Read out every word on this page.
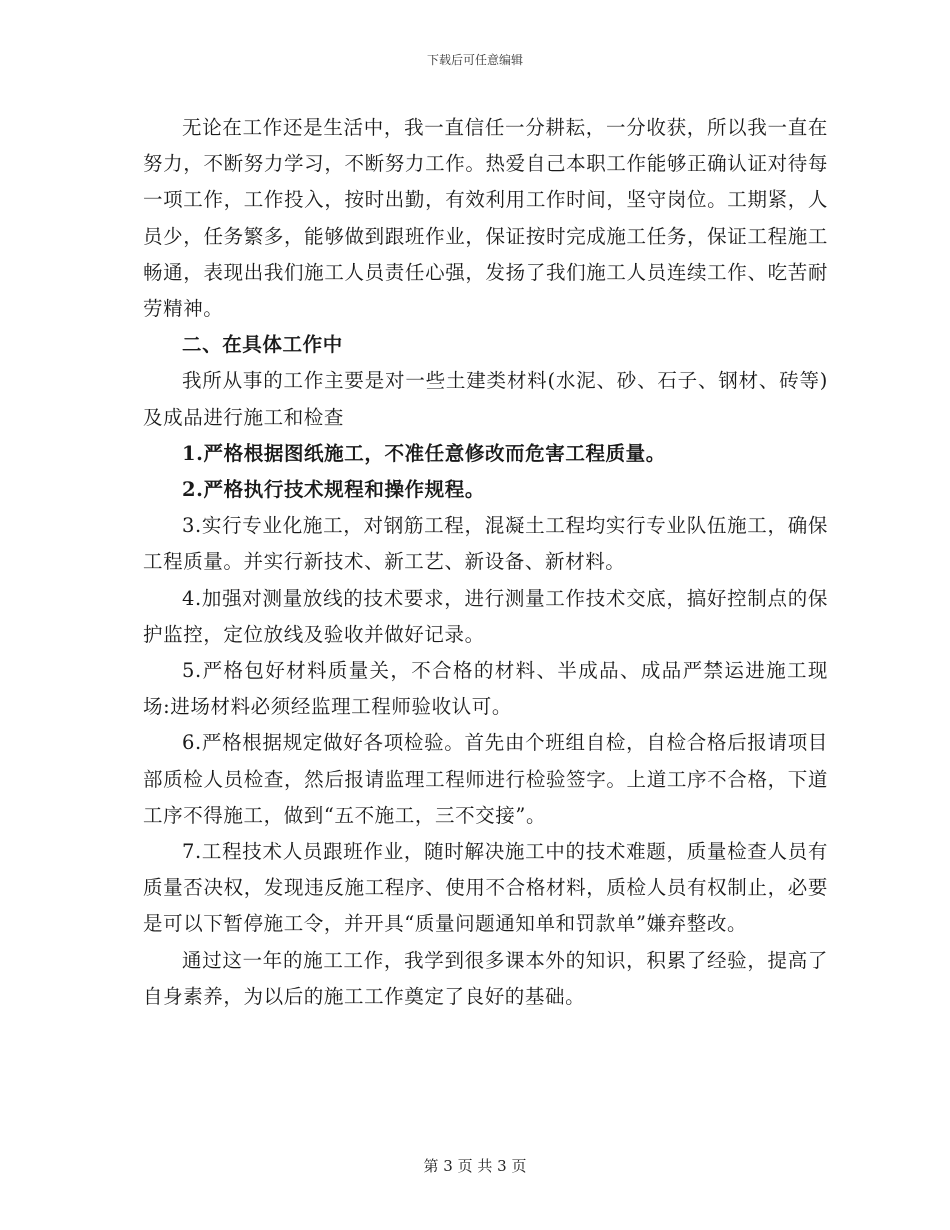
下载后可任意编辑

无论在工作还是生活中，我一直信任一分耕耘，一分收获，所以我一直在努力，不断努力学习，不断努力工作。热爱自己本职工作能够正确认证对待每一项工作，工作投入，按时出勤，有效利用工作时间，坚守岗位。工期紧，人员少，任务繁多，能够做到跟班作业，保证按时完成施工任务，保证工程施工畅通，表现出我们施工人员责任心强，发扬了我们施工人员连续工作、吃苦耐劳精神。

二、在具体工作中

我所从事的工作主要是对一些土建类材料(水泥、砂、石子、钢材、砖等)及成品进行施工和检查

1.严格根据图纸施工，不准任意修改而危害工程质量。

2.严格执行技术规程和操作规程。

3.实行专业化施工，对钢筋工程，混凝土工程均实行专业队伍施工，确保工程质量。并实行新技术、新工艺、新设备、新材料。

4.加强对测量放线的技术要求，进行测量工作技术交底，搞好控制点的保护监控，定位放线及验收并做好记录。

5.严格包好材料质量关，不合格的材料、半成品、成品严禁运进施工现场:进场材料必须经监理工程师验收认可。

6.严格根据规定做好各项检验。首先由个班组自检，自检合格后报请项目部质检人员检查，然后报请监理工程师进行检验签字。上道工序不合格，下道工序不得施工，做到“五不施工，三不交接”。

7.工程技术人员跟班作业，随时解决施工中的技术难题，质量检查人员有质量否决权，发现违反施工程序、使用不合格材料，质检人员有权制止，必要是可以下暂停施工令，并开具“质量问题通知单和罚款单”嫌弃整改。

通过这一年的施工工作，我学到很多课本外的知识，积累了经验，提高了自身素养，为以后的施工工作奠定了良好的基础。

第 3 页 共 3 页
